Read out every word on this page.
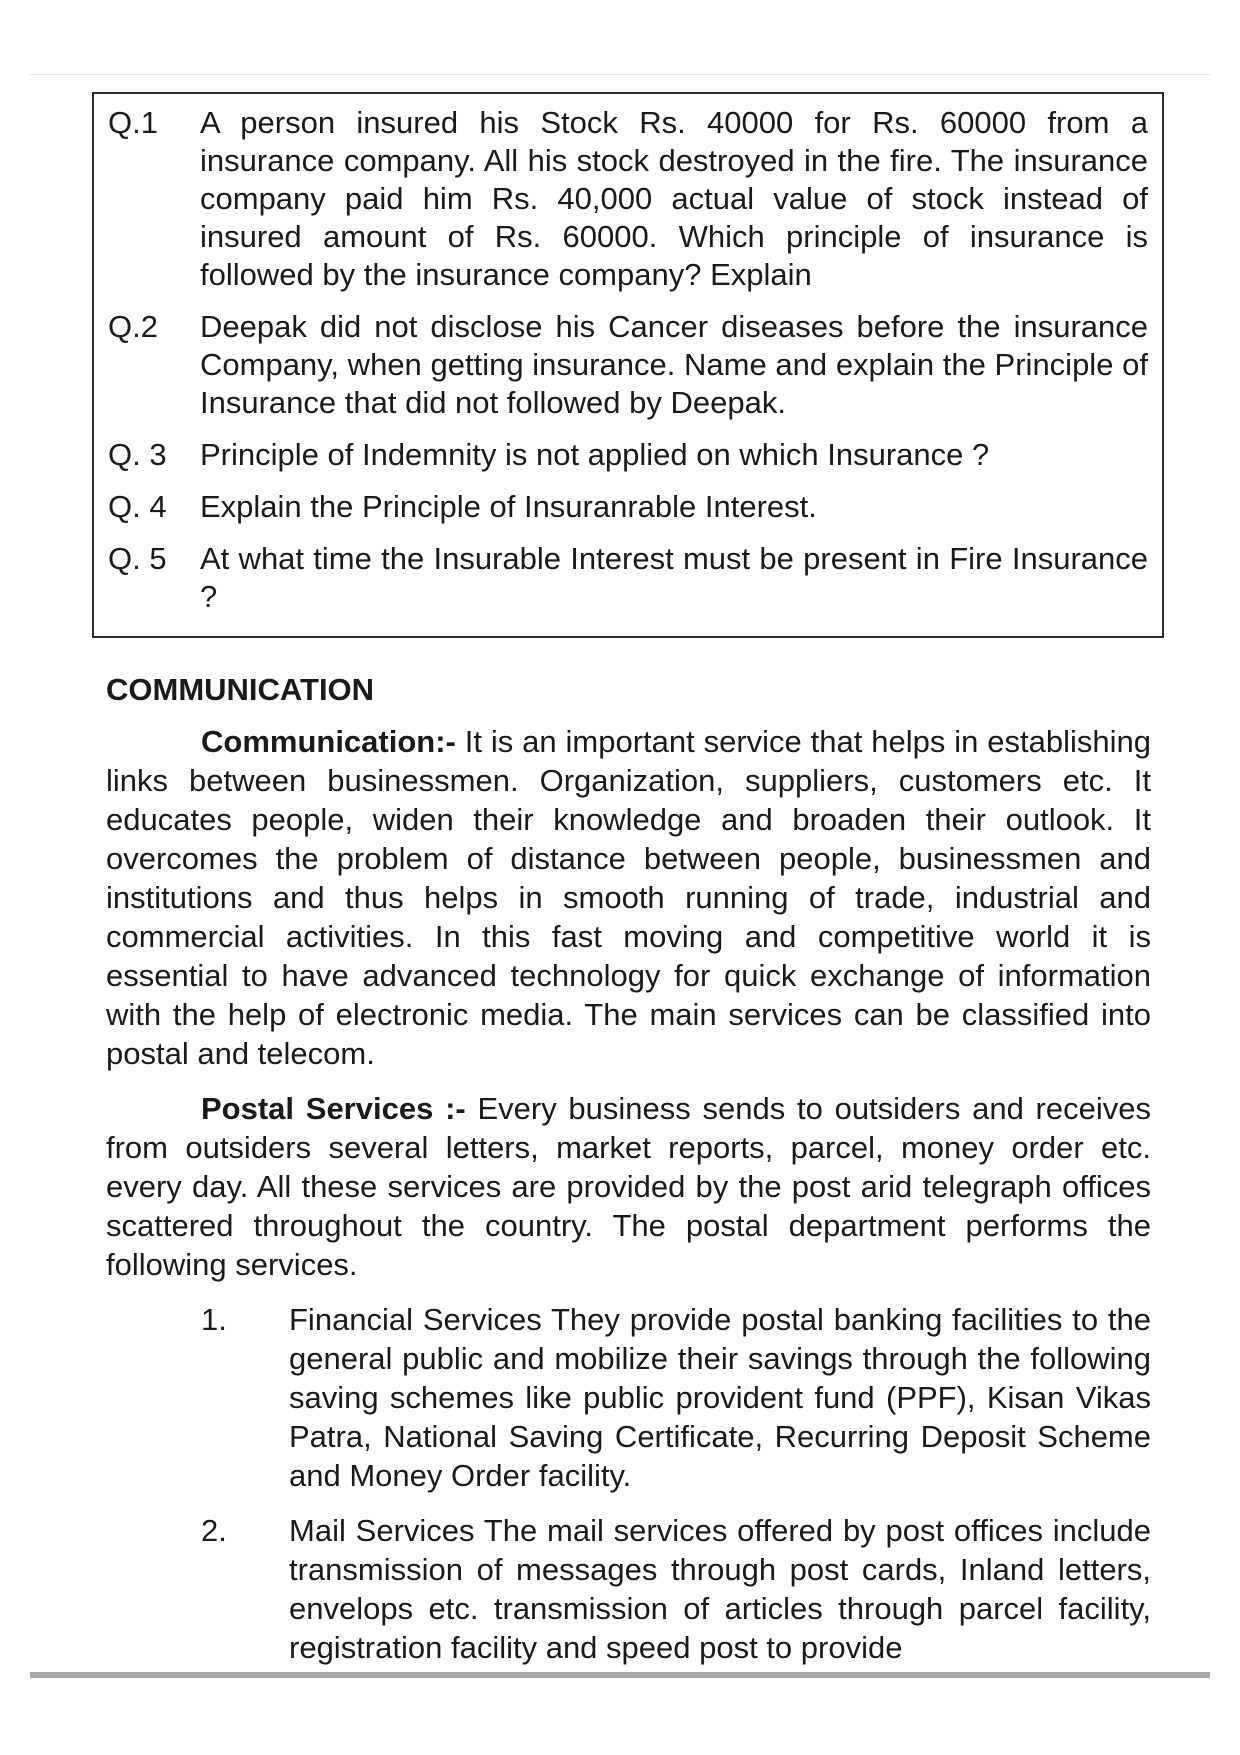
Q.1	A person insured his Stock Rs. 40000 for Rs. 60000 from a insurance company. All his stock destroyed in the fire. The insurance company paid him Rs. 40,000 actual value of stock instead of insured amount of Rs. 60000. Which principle of insurance is followed by the insurance company? Explain
Q.2	Deepak did not disclose his Cancer diseases before the insurance Company, when getting insurance. Name and explain the Principle of Insurance that did not followed by Deepak.
Q. 3	Principle of Indemnity is not applied on which Insurance ?
Q. 4	Explain the Principle of Insuranrable Interest.
Q. 5	At what time the Insurable Interest must be present in Fire Insurance ?
COMMUNICATION

Communication:- It is an important service that helps in establishing links between businessmen. Organization, suppliers, customers etc. It educates people, widen their knowledge and broaden their outlook. It overcomes the problem of distance between people, businessmen and institutions and thus helps in smooth running of trade, industrial and commercial activities. In this fast moving and competitive world it is essential to have advanced technology for quick exchange of information with the help of electronic media. The main services can be classified into postal and telecom.

Postal Services :- Every business sends to outsiders and receives from outsiders several letters, market reports, parcel, money order etc. every day. All these services are provided by the post arid telegraph offices scattered throughout the country. The postal department performs the following services.

1.	Financial Services They provide postal banking facilities to the general public and mobilize their savings through the following saving schemes like public provident fund (PPF), Kisan Vikas Patra, National Saving Certificate, Recurring Deposit Scheme and Money Order facility.
2.	Mail Services The mail services offered by post offices include transmission of messages through post cards, Inland letters, envelops etc. transmission of articles through parcel facility, registration facility and speed post to provide
